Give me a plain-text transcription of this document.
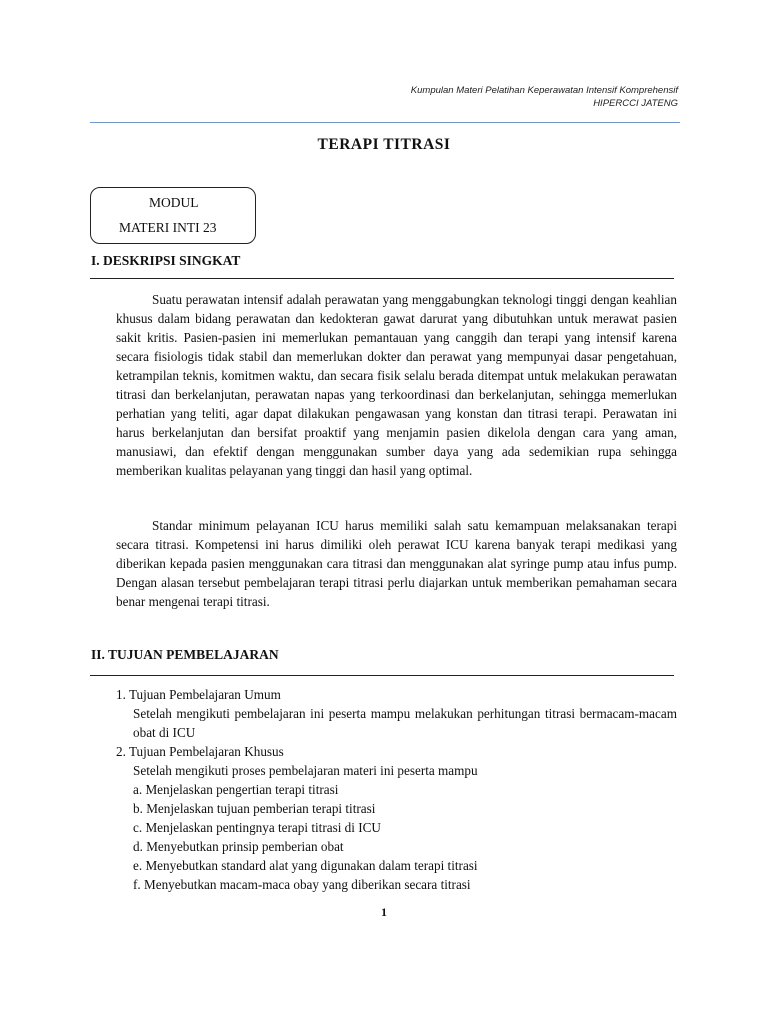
Kumpulan Materi Pelatihan Keperawatan Intensif Komprehensif
HIPERCCI JATENG
TERAPI TITRASI
MODUL
MATERI INTI 23
I. DESKRIPSI SINGKAT

Suatu perawatan intensif adalah perawatan yang menggabungkan teknologi tinggi dengan keahlian khusus dalam bidang perawatan dan kedokteran gawat darurat yang dibutuhkan untuk merawat pasien sakit kritis. Pasien-pasien ini memerlukan pemantauan yang canggih dan terapi yang intensif karena secara fisiologis tidak stabil dan memerlukan dokter dan perawat yang mempunyai dasar pengetahuan, ketrampilan teknis, komitmen waktu, dan secara fisik selalu berada ditempat untuk melakukan perawatan titrasi dan berkelanjutan, perawatan napas yang terkoordinasi dan berkelanjutan, sehingga memerlukan perhatian yang teliti, agar dapat dilakukan pengawasan yang konstan dan titrasi terapi. Perawatan ini harus berkelanjutan dan bersifat proaktif yang menjamin pasien dikelola dengan cara yang aman, manusiawi, dan efektif dengan menggunakan sumber daya yang ada sedemikian rupa sehingga memberikan kualitas pelayanan yang tinggi dan hasil yang optimal.

Standar minimum pelayanan ICU harus memiliki salah satu kemampuan melaksanakan terapi secara titrasi. Kompetensi ini harus dimiliki oleh perawat ICU karena banyak terapi medikasi yang diberikan kepada pasien menggunakan cara titrasi dan menggunakan alat syringe pump atau infus pump. Dengan alasan tersebut pembelajaran terapi titrasi perlu diajarkan untuk memberikan pemahaman secara benar mengenai terapi titrasi.

II. TUJUAN PEMBELAJARAN
1. Tujuan Pembelajaran Umum
Setelah mengikuti pembelajaran ini peserta mampu melakukan perhitungan titrasi bermacam-macam obat di ICU
2. Tujuan Pembelajaran Khusus
Setelah mengikuti proses pembelajaran materi ini peserta mampu
a. Menjelaskan pengertian terapi titrasi
b. Menjelaskan tujuan pemberian terapi titrasi
c. Menjelaskan pentingnya terapi titrasi di ICU
d. Menyebutkan prinsip pemberian obat
e. Menyebutkan standard alat yang digunakan dalam terapi titrasi
f. Menyebutkan macam-maca obay yang diberikan secara titrasi
1
